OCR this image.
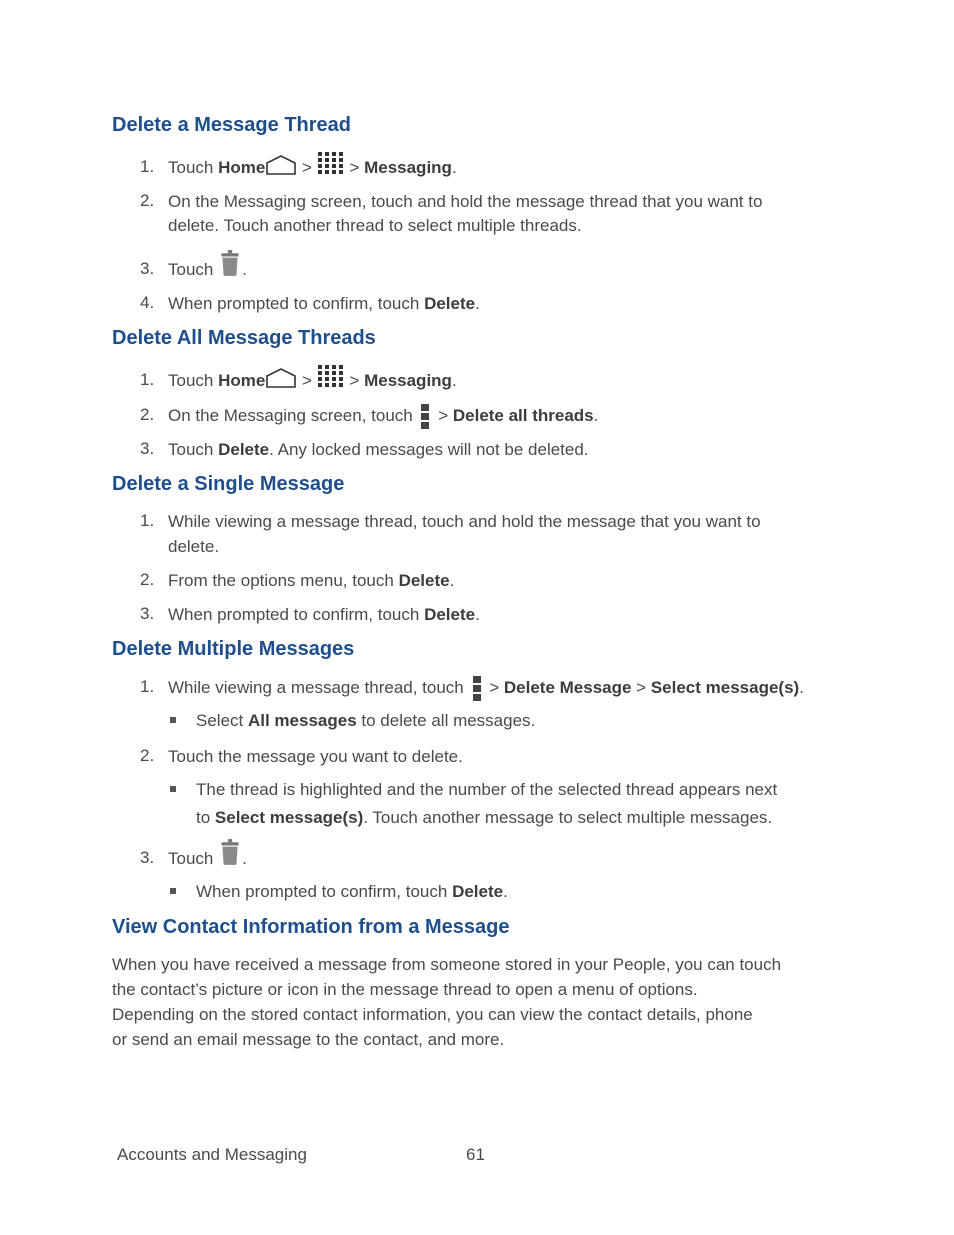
Delete a Message Thread
1. Touch Home >  > Messaging.
2. On the Messaging screen, touch and hold the message thread that you want to
delete. Touch another thread to select multiple threads.
3. Touch .
4. When prompted to confirm, touch Delete.
Delete All Message Threads
1. Touch Home >  > Messaging.
2. On the Messaging screen, touch  > Delete all threads.
3. Touch Delete. Any locked messages will not be deleted.
Delete a Single Message
1. While viewing a message thread, touch and hold the message that you want to
delete.
2. From the options menu, touch Delete.
3. When prompted to confirm, touch Delete.
Delete Multiple Messages
1. While viewing a message thread, touch  > Delete Message > Select message(s).
Select All messages to delete all messages.
2. Touch the message you want to delete.
The thread is highlighted and the number of the selected thread appears next
to Select message(s). Touch another message to select multiple messages.
3. Touch .
When prompted to confirm, touch Delete.
View Contact Information from a Message
When you have received a message from someone stored in your People, you can touch
the contact’s picture or icon in the message thread to open a menu of options.
Depending on the stored contact information, you can view the contact details, phone
or send an email message to the contact, and more.
Accounts and Messaging	61
